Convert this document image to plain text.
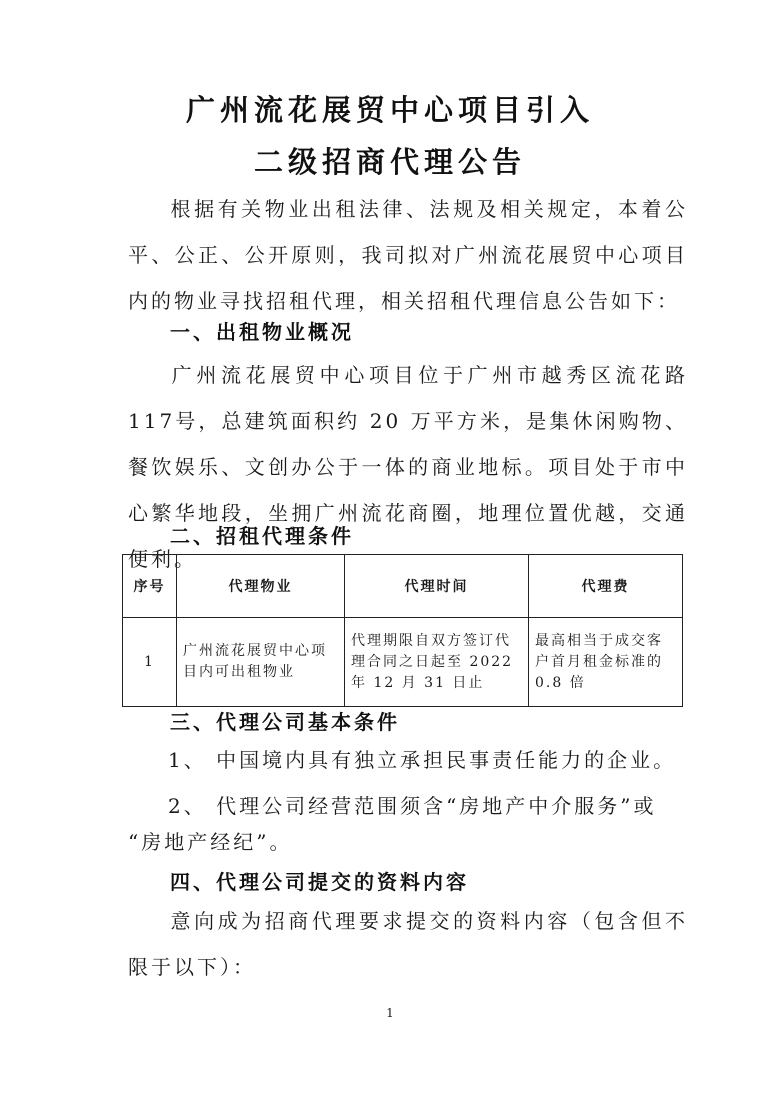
广州流花展贸中心项目引入
二级招商代理公告

根据有关物业出租法律、法规及相关规定，本着公平、公正、公开原则，我司拟对广州流花展贸中心项目内的物业寻找招租代理，相关招租代理信息公告如下：

一、出租物业概况

广州流花展贸中心项目位于广州市越秀区流花路117号，总建筑面积约 20 万平方米，是集休闲购物、餐饮娱乐、文创办公于一体的商业地标。项目处于市中心繁华地段，坐拥广州流花商圈，地理位置优越，交通便利。

二、招租代理条件
序号	代理物业	代理时间	代理费
1	广州流花展贸中心项目内可出租物业	代理期限自双方签订代理合同之日起至 2022 年 12 月 31 日止	最高相当于成交客户首月租金标准的 0.8 倍
三、代理公司基本条件
1、 中国境内具有独立承担民事责任能力的企业。
2、 代理公司经营范围须含“房地产中介服务”或
“房地产经纪”。
四、代理公司提交的资料内容

意向成为招商代理要求提交的资料内容（包含但不限于以下）：

1
